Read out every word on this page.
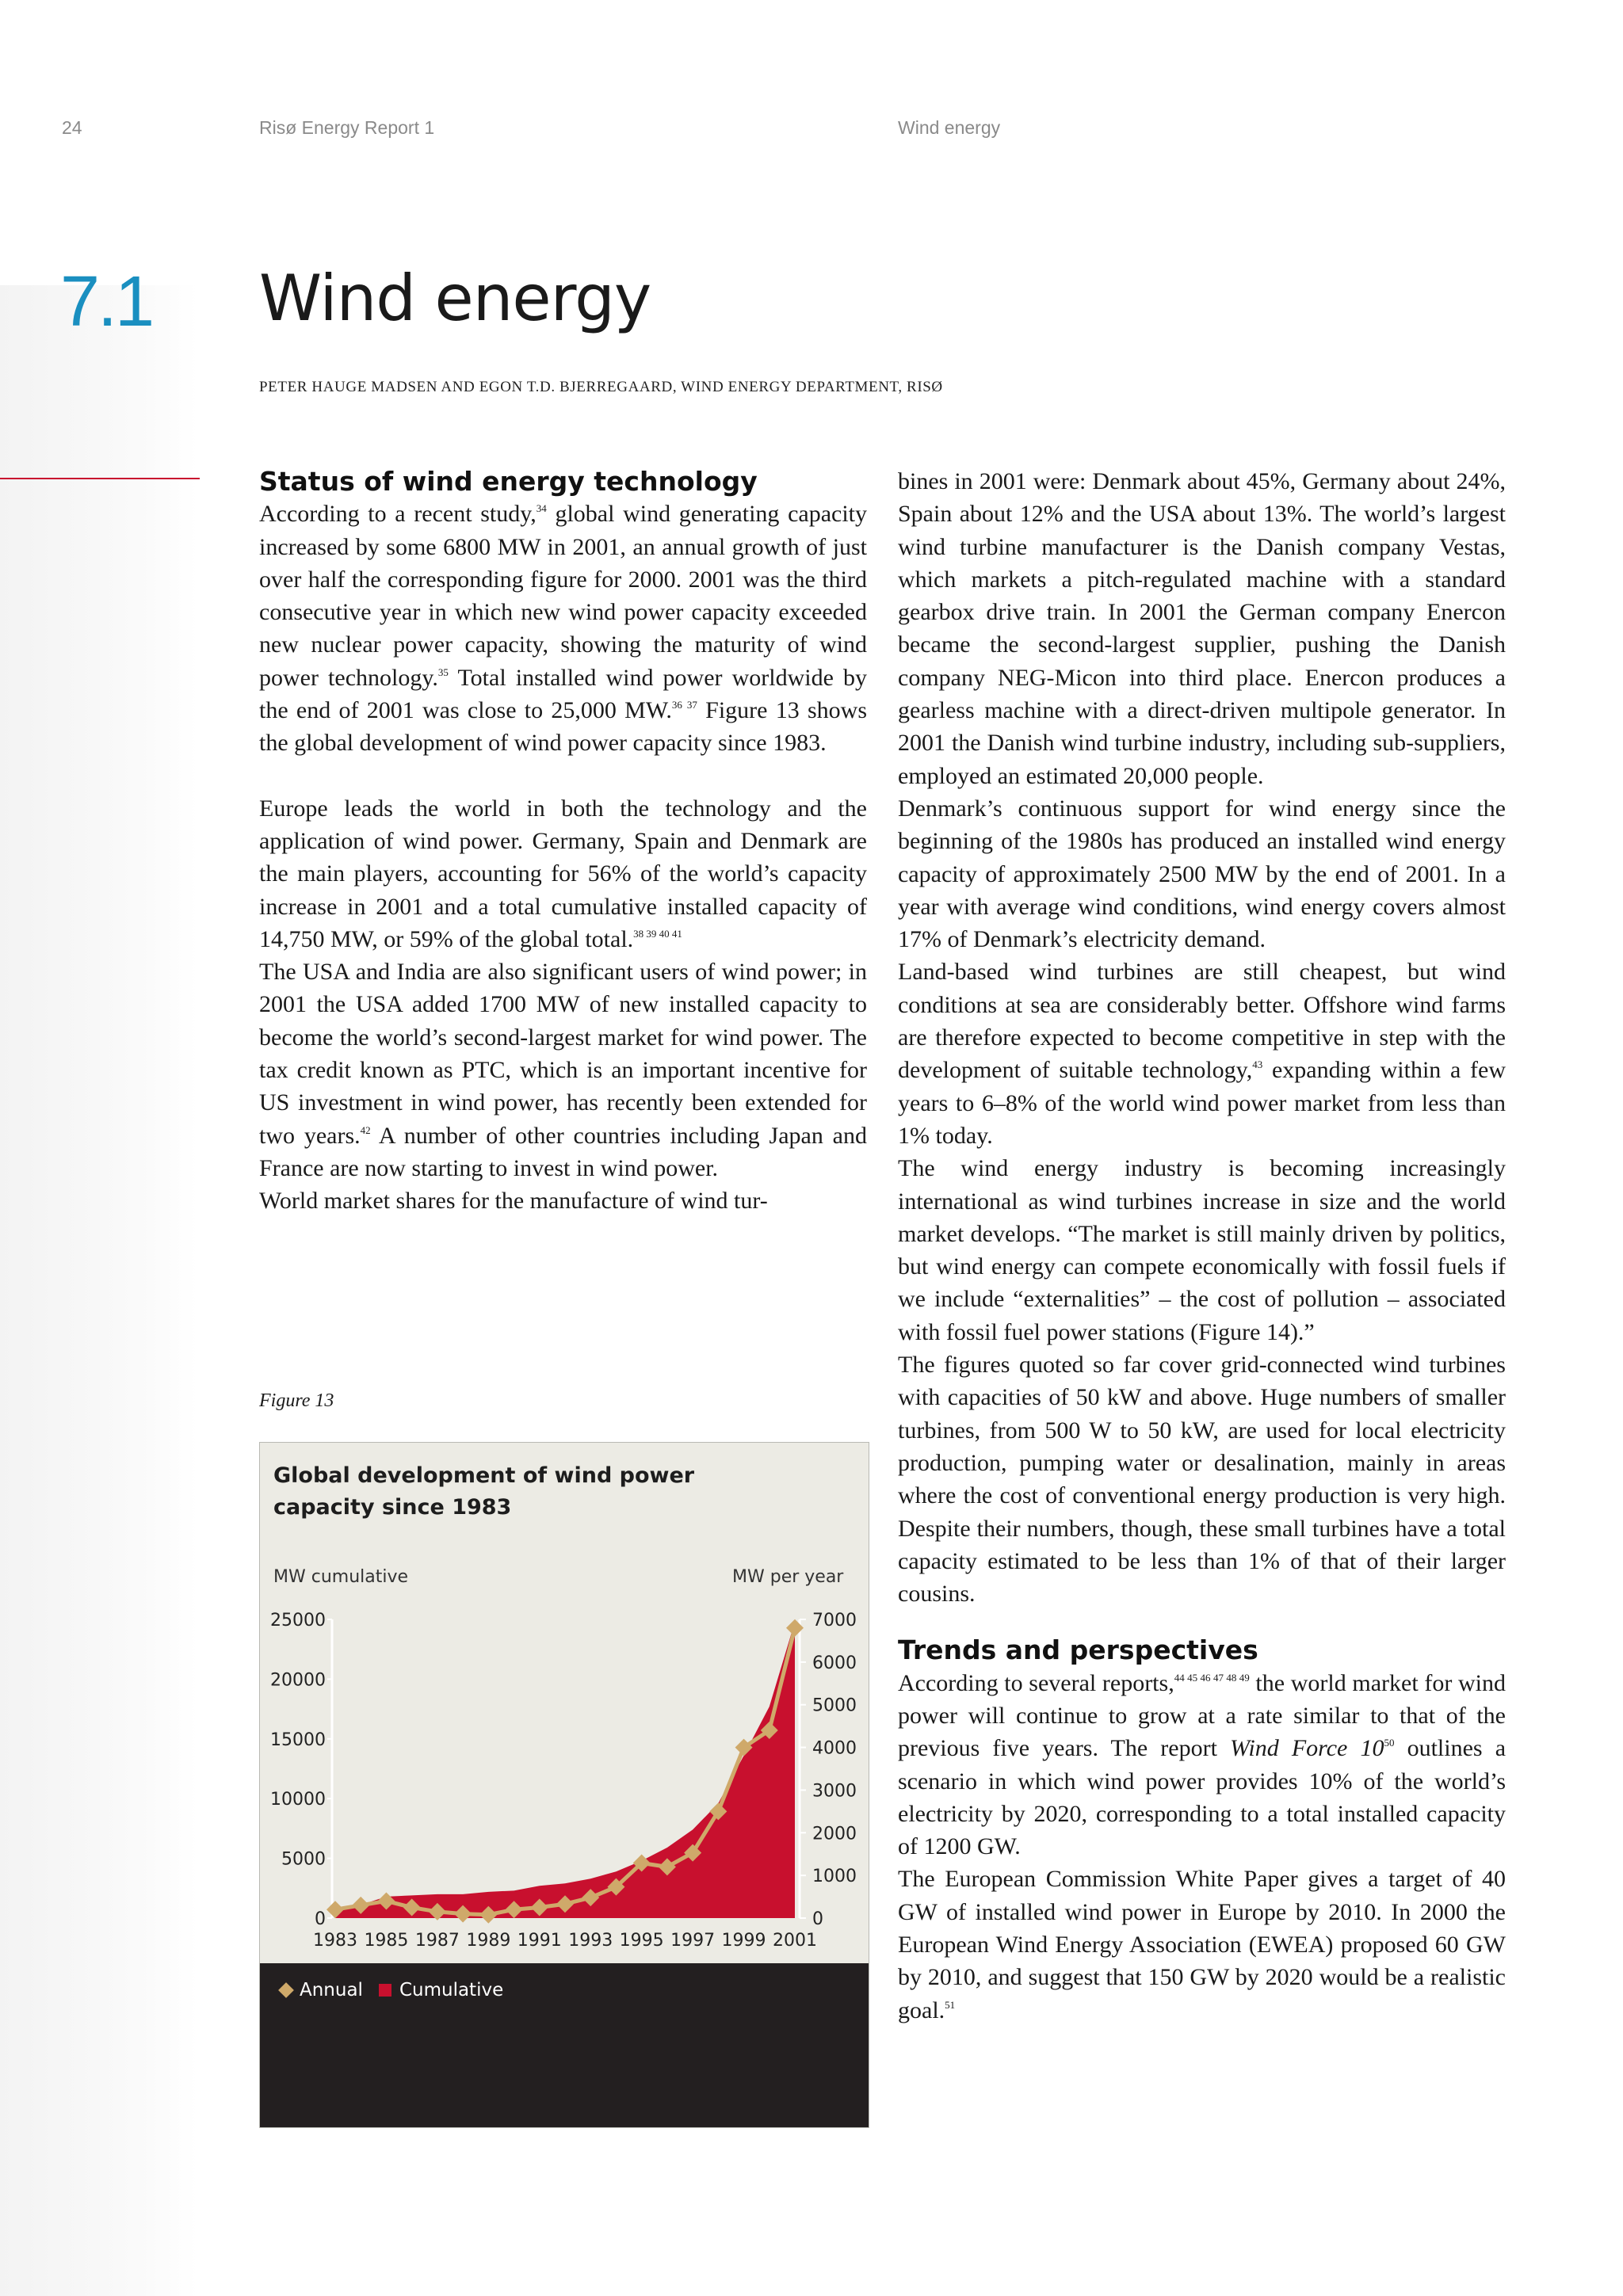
24	Risø Energy Report 1	Wind energy
7.1 Wind energy
PETER HAUGE MADSEN AND EGON T.D. BJERREGAARD, WIND ENERGY DEPARTMENT, RISØ
Status of wind energy technology

According to a recent study,$^{34}$ global wind generating capacity increased by some 6800 MW in 2001, an annual growth of just over half the corresponding figure for 2000. 2001 was the third consecutive year in which new wind power capacity exceeded new nuclear power capacity, showing the maturity of wind power technology.$^{35}$ Total installed wind power worldwide by the end of 2001 was close to 25,000 MW.$^{36 37}$ Figure 13 shows the global development of wind power capacity since 1983.

Europe leads the world in both the technology and the application of wind power. Germany, Spain and Denmark are the main players, accounting for 56% of the world’s capacity increase in 2001 and a total cumulative installed capacity of 14,750 MW, or 59% of the global total.$^{38 39 40 41}$

The USA and India are also significant users of wind power; in 2001 the USA added 1700 MW of new installed capacity to become the world’s second-largest market for wind power. The tax credit known as PTC, which is an important incentive for US investment in wind power, has recently been extended for two years.$^{42}$ A number of other countries including Japan and France are now starting to invest in wind power.

World market shares for the manufacture of wind tur-

Figure 13
Global development of wind power capacity since 1983
MW cumulative	MW per year
25000
20000
15000
10000
5000
0
7000
6000
5000
4000
3000
2000
1000
0
1983 1985 1987 1989 1991 1993 1995 1997 1999 2001
Annual Cumulative

bines in 2001 were: Denmark about 45%, Germany about 24%, Spain about 12% and the USA about 13%. The world’s largest wind turbine manufacturer is the Danish company Vestas, which markets a pitch-regulated machine with a standard gearbox drive train. In 2001 the German company Enercon became the second-largest supplier, pushing the Danish company NEG-Micon into third place. Enercon produces a gearless machine with a direct-driven multipole generator. In 2001 the Danish wind turbine industry, including sub-suppliers, employed an estimated 20,000 people.

Denmark’s continuous support for wind energy since the beginning of the 1980s has produced an installed wind energy capacity of approximately 2500 MW by the end of 2001. In a year with average wind conditions, wind energy covers almost 17% of Denmark’s electricity demand.

Land-based wind turbines are still cheapest, but wind conditions at sea are considerably better. Offshore wind farms are therefore expected to become competitive in step with the development of suitable technology,$^{43}$ expanding within a few years to 6–8% of the world wind power market from less than 1% today.

The wind energy industry is becoming increasingly international as wind turbines increase in size and the world market develops. “The market is still mainly driven by politics, but wind energy can compete economically with fossil fuels if we include “externalities” – the cost of pollution – associated with fossil fuel power stations (Figure 14).”

The figures quoted so far cover grid-connected wind turbines with capacities of 50 kW and above. Huge numbers of smaller turbines, from 500 W to 50 kW, are used for local electricity production, pumping water or desalination, mainly in areas where the cost of conventional energy production is very high. Despite their numbers, though, these small turbines have a total capacity estimated to be less than 1% of that of their larger cousins.

Trends and perspectives

According to several reports,$^{44 45 46 47 48 49}$ the world market for wind power will continue to grow at a rate similar to that of the previous five years. The report Wind Force $10^{50}$ outlines a scenario in which wind power provides 10% of the world’s electricity by 2020, corresponding to a total installed capacity of 1200 GW.

The European Commission White Paper gives a target of 40 GW of installed wind power in Europe by 2010. In 2000 the European Wind Energy Association (EWEA) proposed 60 GW by 2010, and suggest that 150 GW by 2020 would be a realistic goal.$^{51}$
